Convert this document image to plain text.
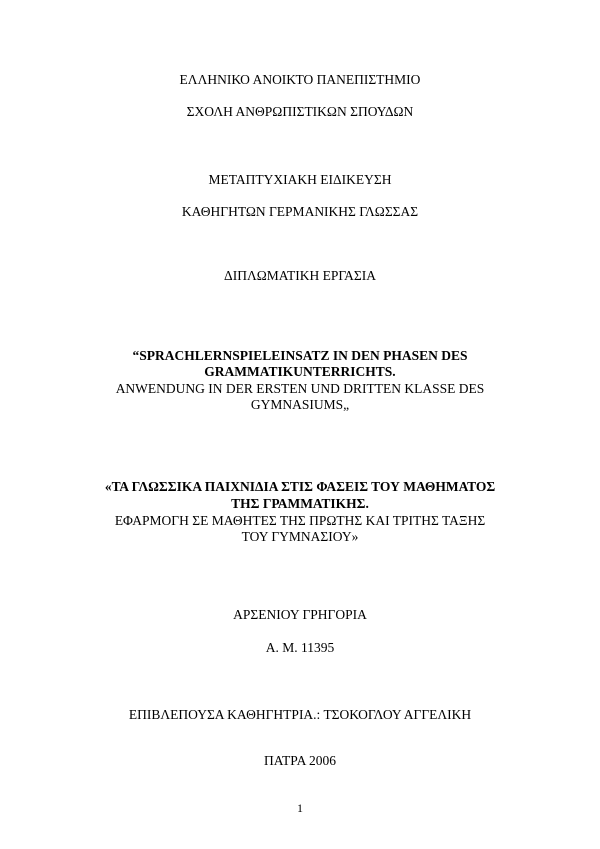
ΕΛΛΗΝΙΚΟ ΑΝΟΙΚΤΟ ΠΑΝΕΠΙΣΤΗΜΙΟ
ΣΧΟΛΗ ΑΝΘΡΩΠΙΣΤΙΚΩΝ ΣΠΟΥΔΩΝ
ΜΕΤΑΠΤΥΧΙΑΚΗ ΕΙΔΙΚΕΥΣΗ
ΚΑΘΗΓΗΤΩΝ ΓΕΡΜΑΝΙΚΗΣ ΓΛΩΣΣΑΣ
ΔΙΠΛΩΜΑΤΙΚΗ ΕΡΓΑΣΙΑ
“SPRACHLERNSPIELEINSATZ IN DEN PHASEN DES
GRAMMATIKUNTERRICHTS.
ANWENDUNG IN DER ERSTEN UND DRITTEN KLASSE DES
GYMNASIUMS„
«ΤΑ ΓΛΩΣΣΙΚΑ ΠΑΙΧΝΙΔΙΑ ΣΤΙΣ ΦΑΣΕΙΣ ΤΟΥ ΜΑΘΗΜΑΤΟΣ
ΤΗΣ ΓΡΑΜΜΑΤΙΚΗΣ.
ΕΦΑΡΜΟΓΗ ΣΕ ΜΑΘΗΤΕΣ ΤΗΣ ΠΡΩΤΗΣ ΚΑΙ ΤΡΙΤΗΣ ΤΑΞΗΣ
ΤΟΥ ΓΥΜΝΑΣΙΟΥ»
ΑΡΣΕΝΙΟΥ ΓΡΗΓΟΡΙΑ
Α. Μ. 11395
ΕΠΙΒΛΕΠΟΥΣΑ ΚΑΘΗΓΗΤΡΙΑ.: ΤΣΟΚΟΓΛΟΥ ΑΓΓΕΛΙΚΗ
ΠΑΤΡΑ 2006
1
